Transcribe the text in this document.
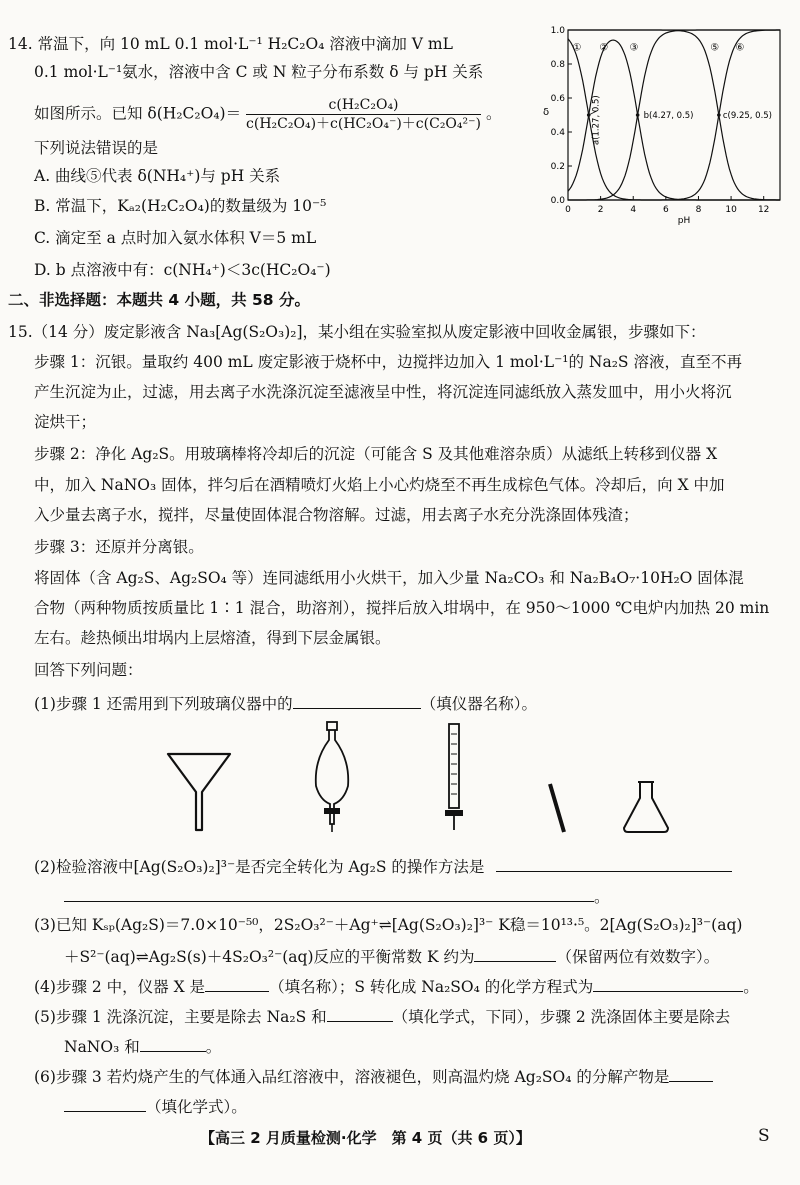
14. 常温下，向 10 mL 0.1 mol·L⁻¹ H₂C₂O₄ 溶液中滴加 V mL
0.1 mol·L⁻¹氨水，溶液中含 C 或 N 粒子分布系数 δ 与 pH 关系
如图所示。已知 $\delta(H_2C_2O_4)= \frac{\text{c(H₂C₂O₄)}}{\text{c(H₂C₂O₄)＋c(HC₂O₄⁻)＋c(C₂O₄²⁻)}}$ 。
下列说法错误的是
A. 曲线⑤代表 δ(NH₄⁺)与 pH 关系
B. 常温下，Kₐ₂(H₂C₂O₄)的数量级为 10⁻⁵
C. 滴定至 a 点时加入氨水体积 V＝5 mL
D. b 点溶液中有：c(NH₄⁺)＜3c(HC₂O₄⁻)
0	2	4	6	8	10 12
0.0
0.2
0.4
0.6
0.8
1.0
pH
δ
① ② ③	⑤ ⑥
a(1.27, 0.5)	b(4.27, 0.5)	c(9.25, 0.5)
二、非选择题：本题共 4 小题，共 58 分。
15.（14 分）废定影液含 Na₃[Ag(S₂O₃)₂]，某小组在实验室拟从废定影液中回收金属银，步骤如下：
步骤 1：沉银。量取约 400 mL 废定影液于烧杯中，边搅拌边加入 1 mol·L⁻¹的 Na₂S 溶液，直至不再
产生沉淀为止，过滤，用去离子水洗涤沉淀至滤液呈中性，将沉淀连同滤纸放入蒸发皿中，用小火将沉
淀烘干；
步骤 2：净化 Ag₂S。用玻璃棒将冷却后的沉淀（可能含 S 及其他难溶杂质）从滤纸上转移到仪器 X
中，加入 NaNO₃ 固体，拌匀后在酒精喷灯火焰上小心灼烧至不再生成棕色气体。冷却后，向 X 中加
入少量去离子水，搅拌，尽量使固体混合物溶解。过滤，用去离子水充分洗涤固体残渣；
步骤 3：还原并分离银。
将固体（含 Ag₂S、Ag₂SO₄ 等）连同滤纸用小火烘干，加入少量 Na₂CO₃ 和 Na₂B₄O₇·10H₂O 固体混
合物（两种物质按质量比 1∶1 混合，助溶剂），搅拌后放入坩埚中，在 950～1000 ℃电炉内加热 20 min
左右。趁热倾出坩埚内上层熔渣，得到下层金属银。
回答下列问题：
(1)步骤 1 还需用到下列玻璃仪器中的	（填仪器名称）。
(2)检验溶液中[Ag(S₂O₃)₂]³⁻是否完全转化为 Ag₂S 的操作方法是
。
(3)已知 Kₛₚ(Ag₂S)＝7.0×10⁻⁵⁰，2S₂O₃²⁻＋Ag⁺⇌[Ag(S₂O₃)₂]³⁻ K稳＝10¹³·⁵。2[Ag(S₂O₃)₂]³⁻(aq)
＋S²⁻(aq)⇌Ag₂S(s)＋4S₂O₃²⁻(aq)反应的平衡常数 K 约为	（保留两位有效数字）。
(4)步骤 2 中，仪器 X 是	（填名称）；S 转化成 Na₂SO₄ 的化学方程式为	。
(5)步骤 1 洗涤沉淀，主要是除去 Na₂S 和	（填化学式，下同），步骤 2 洗涤固体主要是除去
NaNO₃ 和	。
(6)步骤 3 若灼烧产生的气体通入品红溶液中，溶液褪色，则高温灼烧 Ag₂SO₄ 的分解产物是
（填化学式）。
【高三 2 月质量检测·化学　第 4 页（共 6 页）】	S
